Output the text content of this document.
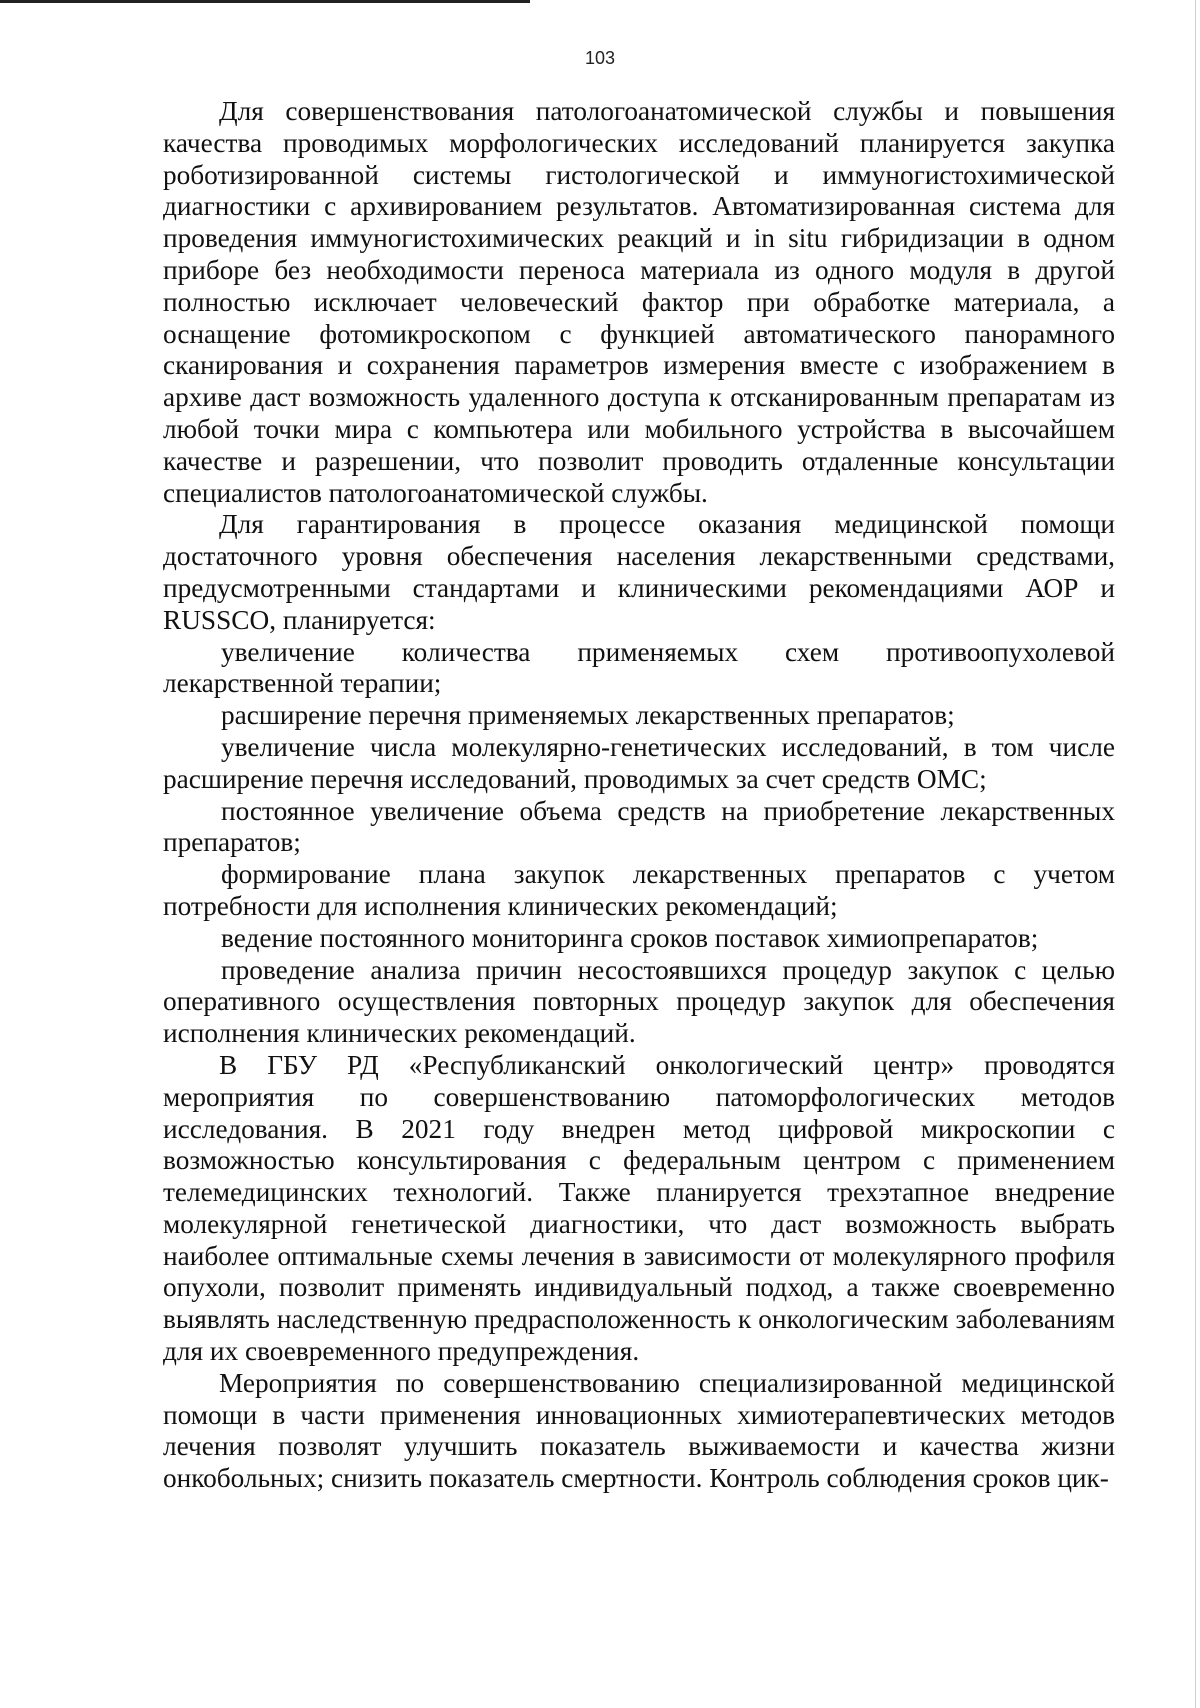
103

Для совершенствования патологоанатомической службы и повышения качества проводимых морфологических исследований планируется закупка роботизированной системы гистологической и иммуногистохимической диагностики с архивированием результатов. Автоматизированная система для проведения иммуногистохимических реакций и in situ гибридизации в одном приборе без необходимости переноса материала из одного модуля в другой полностью исключает человеческий фактор при обработке материала, а оснащение фотомикроскопом с функцией автоматического панорамного сканирования и сохранения параметров измерения вместе с изображением в архиве даст возможность удаленного доступа к отсканированным препаратам из любой точки мира с компьютера или мобильного устройства в высочайшем качестве и разрешении, что позволит проводить отдаленные консультации специалистов патологоанатомической службы.

Для гарантирования в процессе оказания медицинской помощи достаточного уровня обеспечения населения лекарственными средствами, предусмотренными стандартами и клиническими рекомендациями АОР и RUSSCO, планируется:

увеличение количества применяемых схем противоопухолевой лекарственной терапии;

расширение перечня применяемых лекарственных препаратов;

увеличение числа молекулярно-генетических исследований, в том числе расширение перечня исследований, проводимых за счет средств ОМС;

постоянное увеличение объема средств на приобретение лекарственных препаратов;

формирование плана закупок лекарственных препаратов с учетом потребности для исполнения клинических рекомендаций;

ведение постоянного мониторинга сроков поставок химиопрепаратов;

проведение анализа причин несостоявшихся процедур закупок с целью оперативного осуществления повторных процедур закупок для обеспечения исполнения клинических рекомендаций.

В ГБУ РД «Республиканский онкологический центр» проводятся мероприятия по совершенствованию патоморфологических методов исследования. В 2021 году внедрен метод цифровой микроскопии с возможностью консультирования с федеральным центром с применением телемедицинских технологий. Также планируется трехэтапное внедрение молекулярной генетической диагностики, что даст возможность выбрать наиболее оптимальные схемы лечения в зависимости от молекулярного профиля опухоли, позволит применять индивидуальный подход, а также своевременно выявлять наследственную предрасположенность к онкологическим заболеваниям для их своевременного предупреждения.

Мероприятия по совершенствованию специализированной медицинской помощи в части применения инновационных химиотерапевтических методов лечения позволят улучшить показатель выживаемости и качества жизни онкобольных; снизить показатель смертности. Контроль соблюдения сроков цик-
